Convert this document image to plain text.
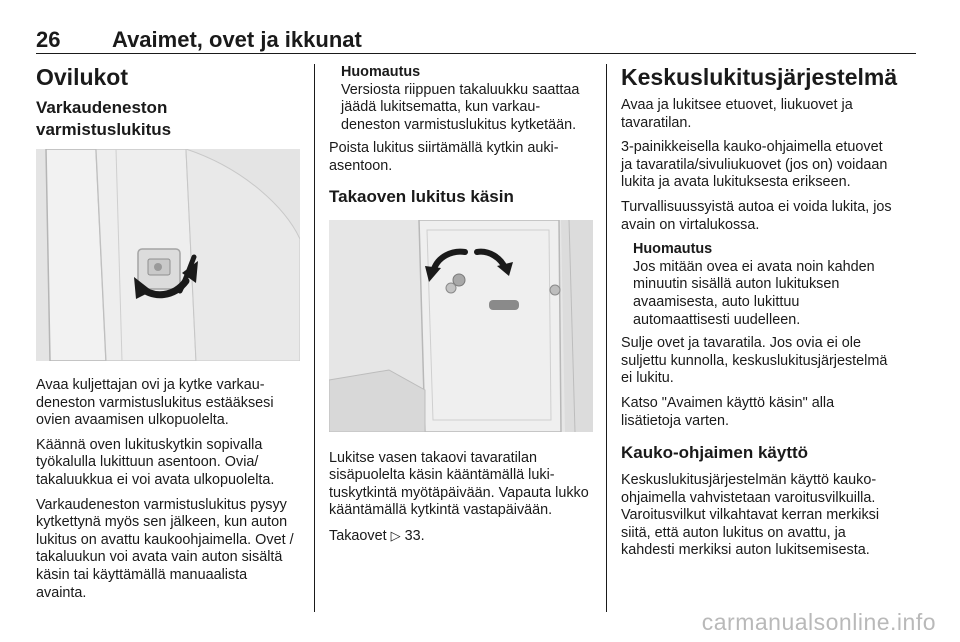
26 Avaimet, ovet ja ikkunat
Ovilukot
Varkaudeneston varmistuslukitus

Avaa kuljettajan ovi ja kytke varkaudeneston varmistuslukitus estääksesi ovien avaamisen ulkopuolelta.

Käännä oven lukituskytkin sopivalla työkalulla lukittuun asentoon. Ovia/ takaluukkua ei voi avata ulkopuolelta.

Varkaudeneston varmistuslukitus pysyy kytkettynä myös sen jälkeen, kun auton lukitus on avattu kaukoohjaimella. Ovet / takaluukun voi avata vain auton sisältä käsin tai käyttämällä manuaalista avainta.

Huomautus
Versiosta riippuen takaluukku saattaa jäädä lukitsematta, kun varkaudeneston varmistuslukitus kytketään.

Poista lukitus siirtämällä kytkin aukiasentoon.

Takaoven lukitus käsin

Lukitse vasen takaovi tavaratilan sisäpuolelta käsin kääntämällä lukituskytkintä myötäpäivään. Vapauta lukko kääntämällä kytkintä vastapäivään.

Takaovet ▷ 33.

Keskuslukitusjärjestelmä

Avaa ja lukitsee etuovet, liukuovet ja tavaratilan.

3-painikkeisella kauko-ohjaimella etuovet ja tavaratila/sivuliukuovet (jos on) voidaan lukita ja avata lukituksesta erikseen.

Turvallisuussyistä autoa ei voida lukita, jos avain on virtalukossa.

Huomautus
Jos mitään ovea ei avata noin kahden minuutin sisällä auton lukituksen avaamisesta, auto lukittuu automaattisesti uudelleen.

Sulje ovet ja tavaratila. Jos ovia ei ole suljettu kunnolla, keskuslukitusjärjestelmä ei lukitu.

Katso "Avaimen käyttö käsin" alla lisätietoja varten.

Kauko-ohjaimen käyttö

Keskuslukitusjärjestelmän käyttö kauko-ohjaimella vahvistetaan varoitusvilkuilla. Varoitusvilkut vilkahtavat kerran merkiksi siitä, että auton lukitus on avattu, ja kahdesti merkiksi auton lukitsemisesta.

carmanualsonline.info
